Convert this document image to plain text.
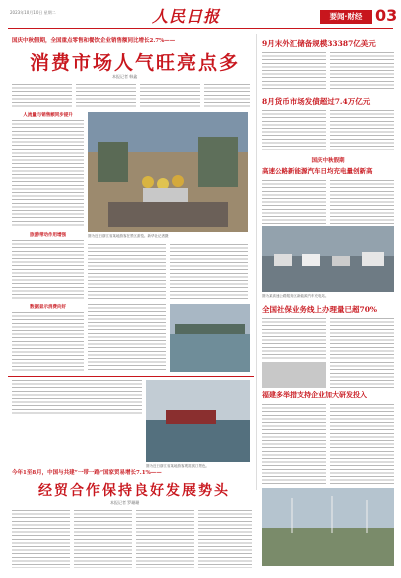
2023年10月10日 星期二	人民日报	要闻·财经 03
国庆中秋假期，全国重点零售和餐饮企业销售额同比增长2.7%——
消费市场人气旺亮点多
本报记者 韩鑫
人流量与销售额同步提升
旅游带动作用增强
数据显示消费向好
图为近日浙江省某地游客在景区游览。新华社记者摄
9月末外汇储备规模33387亿美元
8月货币市场发债超过7.4万亿元
国庆中秋假期
高速公路新能源汽车日均充电量创新高
图为某高速公路服务区新能源汽车充电站。
全国社保业务线上办理量已超70%
福建多举措支持企业加大研发投入
图为近日浙江省某地游客观赏滨江景色。
今年1至8月，中国与共建“一带一路”国家贸易增长7.1%——
经贸合作保持良好发展势头
本报记者 罗珊珊
